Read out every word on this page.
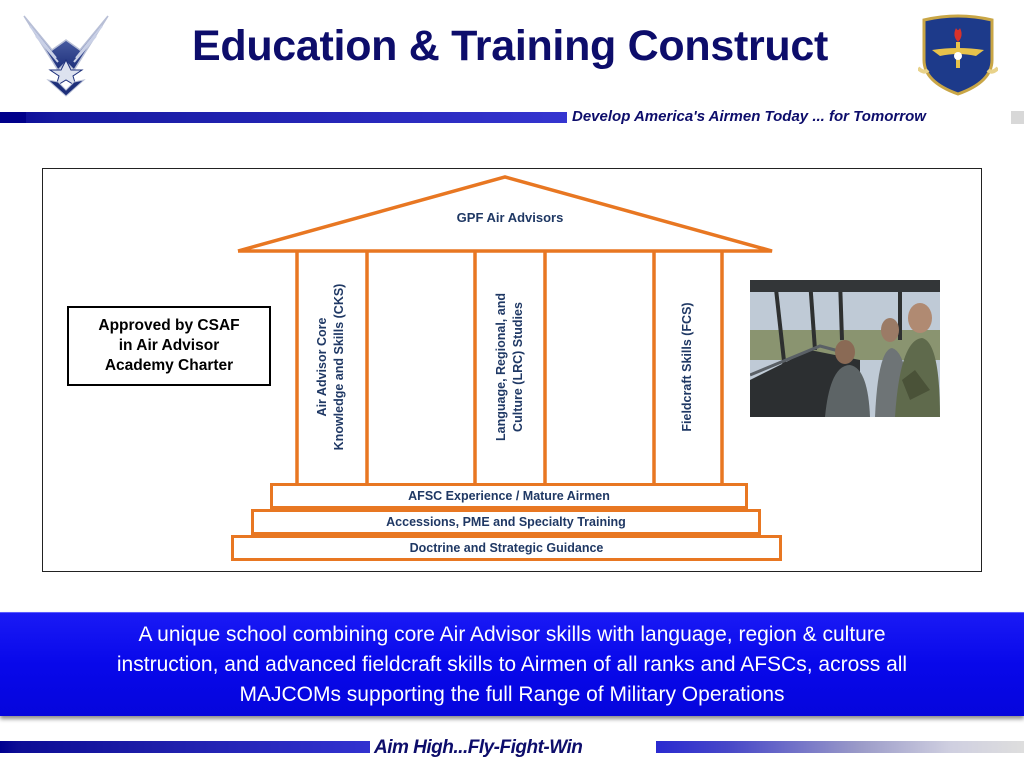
Education & Training Construct
Develop America's Airmen Today ... for Tomorrow
Approved by CSAF
in Air Advisor
Academy Charter
GPF Air Advisors
Air Advisor Core Knowledge and Skills (CKS)	Language, Regional, and Culture (LRC) Studies	Fieldcraft Skills (FCS)
AFSC Experience / Mature Airmen
Accessions, PME and Specialty Training
Doctrine and Strategic Guidance
A unique school combining core Air Advisor skills with language, region & culture
instruction, and advanced fieldcraft skills to Airmen of all ranks and AFSCs, across all
MAJCOMs supporting the full Range of Military Operations
Aim High...Fly-Fight-Win
